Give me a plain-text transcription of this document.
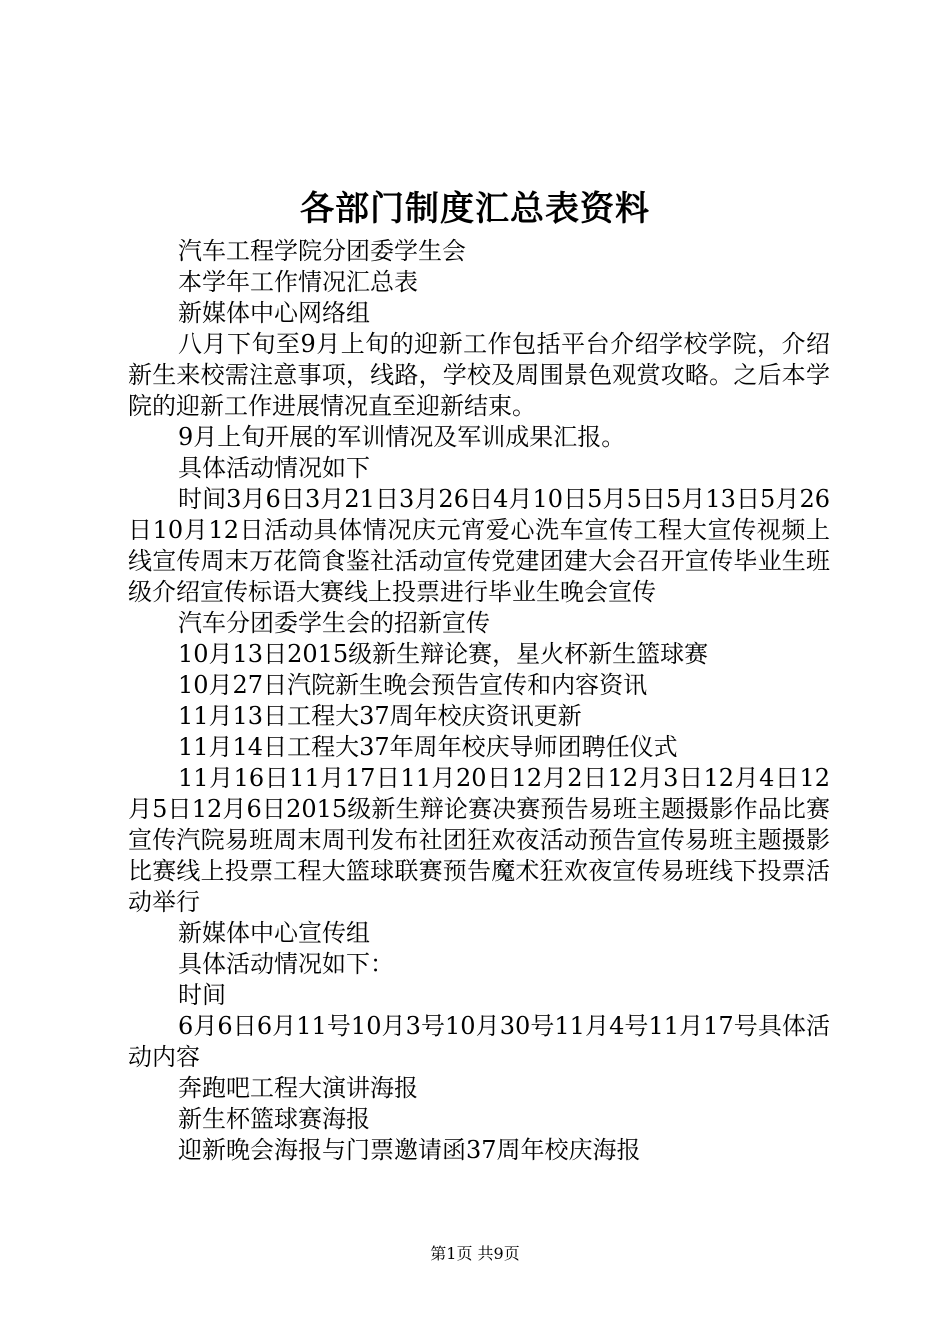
各部门制度汇总表资料

汽车工程学院分团委学生会

本学年工作情况汇总表

新媒体中心网络组

八月下旬至9月上旬的迎新工作包括平台介绍学校学院，介绍新生来校需注意事项，线路，学校及周围景色观赏攻略。之后本学院的迎新工作进展情况直至迎新结束。

9月上旬开展的军训情况及军训成果汇报。

具体活动情况如下

时间3月6日3月21日3月26日4月10日5月5日5月13日5月26日10月12日活动具体情况庆元宵爱心洗车宣传工程大宣传视频上线宣传周末万花筒食鉴社活动宣传党建团建大会召开宣传毕业生班级介绍宣传标语大赛线上投票进行毕业生晚会宣传

汽车分团委学生会的招新宣传

10月13日2015级新生辩论赛，星火杯新生篮球赛

10月27日汽院新生晚会预告宣传和内容资讯

11月13日工程大37周年校庆资讯更新

11月14日工程大37年周年校庆导师团聘任仪式

11月16日11月17日11月20日12月2日12月3日12月4日12月5日12月6日2015级新生辩论赛决赛预告易班主题摄影作品比赛宣传汽院易班周末周刊发布社团狂欢夜活动预告宣传易班主题摄影比赛线上投票工程大篮球联赛预告魔术狂欢夜宣传易班线下投票活动举行

新媒体中心宣传组

具体活动情况如下：

时间

6月6日6月11号10月3号10月30号11月4号11月17号具体活动内容

奔跑吧工程大演讲海报

新生杯篮球赛海报

迎新晚会海报与门票邀请函37周年校庆海报

第1页 共9页
